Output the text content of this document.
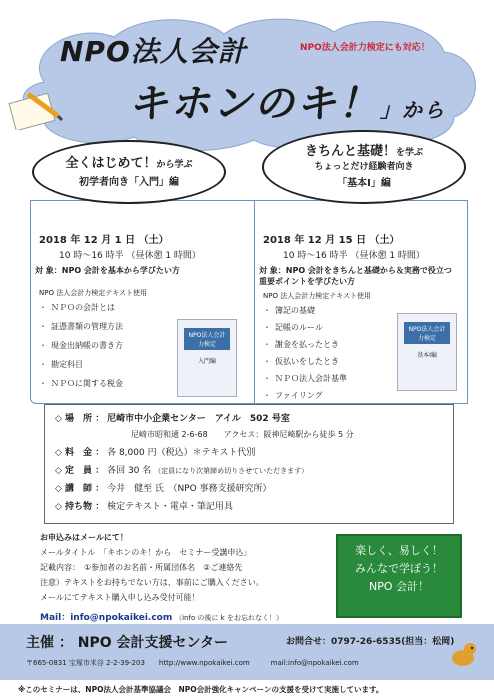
NPO法人会計	NPO法人会計力検定にも対応！
キホンのキ！」から
2018 年 12 月 1 日 （土）
10 時～16 時半 （昼休憩 1 時間）
対 象：NPO 会計を基本から学びたい方
NPO 法人会計力検定テキスト使用
・ ＮＰＯの会計とは
・ 証憑書類の管理方法
・ 現金出納帳の書き方
・ 勘定科目
・ ＮＰＯに関する税金
NPO法人会計力検定
入門編
2018 年 12 月 15 日 （土）
10 時～16 時半 （昼休憩 1 時間）
対 象：NPO 会計をきちんと基礎から＆実務で役立つ重要ポイントを学びたい方
NPO 法人会計力検定テキスト使用
・ 簿記の基礎
・ 記帳のルール
・ 謝金を払ったとき
・ 仮払いをしたとき
・ ＮＰＯ法人会計基準
・ ファイリング
NPO法人会計力検定
基本Ⅰ編
全くはじめて！から学ぶ
初学者向き「入門」編
きちんと基礎！を学ぶ
ちょっとだけ経験者向き
「基本Ⅰ」編
◇ 場　所 ： 尼崎市中小企業センター　アイル　502 号室
尼崎市昭和通 2-6-68　　アクセス：阪神尼崎駅から徒歩 5 分
◇ 料　金 ： 各 8,000 円（税込）＊テキスト代別
◇ 定　員 ： 各回 30 名 （定員になり次第締め切りさせていただきます）
◇ 講　師 ： 今井　健至 氏　（NPO 事務支援研究所）
◇ 持ち物 ： 検定テキスト・電卓・筆記用具
お申込みはメールにて！
メールタイトル　「キホンのキ！から　セミナー受講申込」
記載内容：　①参加者のお名前・所属団体名　②ご連絡先
注意）テキストをお持ちでない方は、事前にご購入ください。
メールにてテキスト購入申し込み受付可能！
Mail：info@npokaikei.com （info の後に k をお忘れなく！）
楽しく、易しく！
みんなで学ぼう！
NPO 会計！
主催 ： NPO 会計支援センター	お問合せ：0797-26-6535(担当：松岡)
〒665-0831 宝塚市米谷 2-2-39-203　　http://www.npokaikei.com　　　mail:info@npokaikei.com
※このセミナーは、NPO法人会計基準協議会　NPO会計強化キャンペーンの支援を受けて実施しています。
